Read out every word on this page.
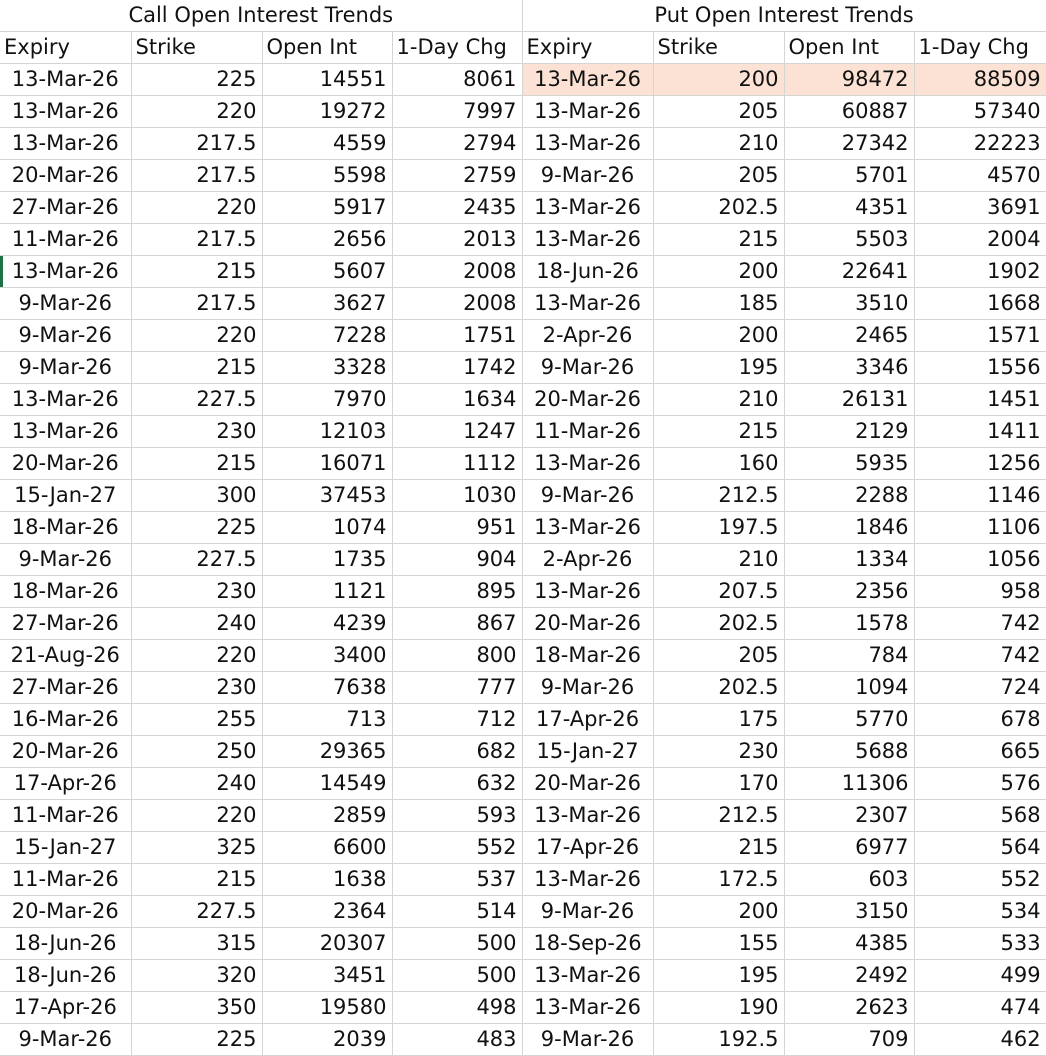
Call Open Interest Trends				Put Open Interest Trends			
Expiry	Strike	Open Int	1-Day Chg	Expiry	Strike	Open Int	1-Day Chg
13-Mar-26	225	14551	8061	13-Mar-26	200	98472	88509
13-Mar-26	220	19272	7997	13-Mar-26	205	60887	57340
13-Mar-26	217.5	4559	2794	13-Mar-26	210	27342	22223
20-Mar-26	217.5	5598	2759	9-Mar-26	205	5701	4570
27-Mar-26	220	5917	2435	13-Mar-26	202.5	4351	3691
11-Mar-26	217.5	2656	2013	13-Mar-26	215	5503	2004
13-Mar-26	215	5607	2008	18-Jun-26	200	22641	1902
9-Mar-26	217.5	3627	2008	13-Mar-26	185	3510	1668
9-Mar-26	220	7228	1751	2-Apr-26	200	2465	1571
9-Mar-26	215	3328	1742	9-Mar-26	195	3346	1556
13-Mar-26	227.5	7970	1634	20-Mar-26	210	26131	1451
13-Mar-26	230	12103	1247	11-Mar-26	215	2129	1411
20-Mar-26	215	16071	1112	13-Mar-26	160	5935	1256
15-Jan-27	300	37453	1030	9-Mar-26	212.5	2288	1146
18-Mar-26	225	1074	951	13-Mar-26	197.5	1846	1106
9-Mar-26	227.5	1735	904	2-Apr-26	210	1334	1056
18-Mar-26	230	1121	895	13-Mar-26	207.5	2356	958
27-Mar-26	240	4239	867	20-Mar-26	202.5	1578	742
21-Aug-26	220	3400	800	18-Mar-26	205	784	742
27-Mar-26	230	7638	777	9-Mar-26	202.5	1094	724
16-Mar-26	255	713	712	17-Apr-26	175	5770	678
20-Mar-26	250	29365	682	15-Jan-27	230	5688	665
17-Apr-26	240	14549	632	20-Mar-26	170	11306	576
11-Mar-26	220	2859	593	13-Mar-26	212.5	2307	568
15-Jan-27	325	6600	552	17-Apr-26	215	6977	564
11-Mar-26	215	1638	537	13-Mar-26	172.5	603	552
20-Mar-26	227.5	2364	514	9-Mar-26	200	3150	534
18-Jun-26	315	20307	500	18-Sep-26	155	4385	533
18-Jun-26	320	3451	500	13-Mar-26	195	2492	499
17-Apr-26	350	19580	498	13-Mar-26	190	2623	474
9-Mar-26	225	2039	483	9-Mar-26	192.5	709	462
